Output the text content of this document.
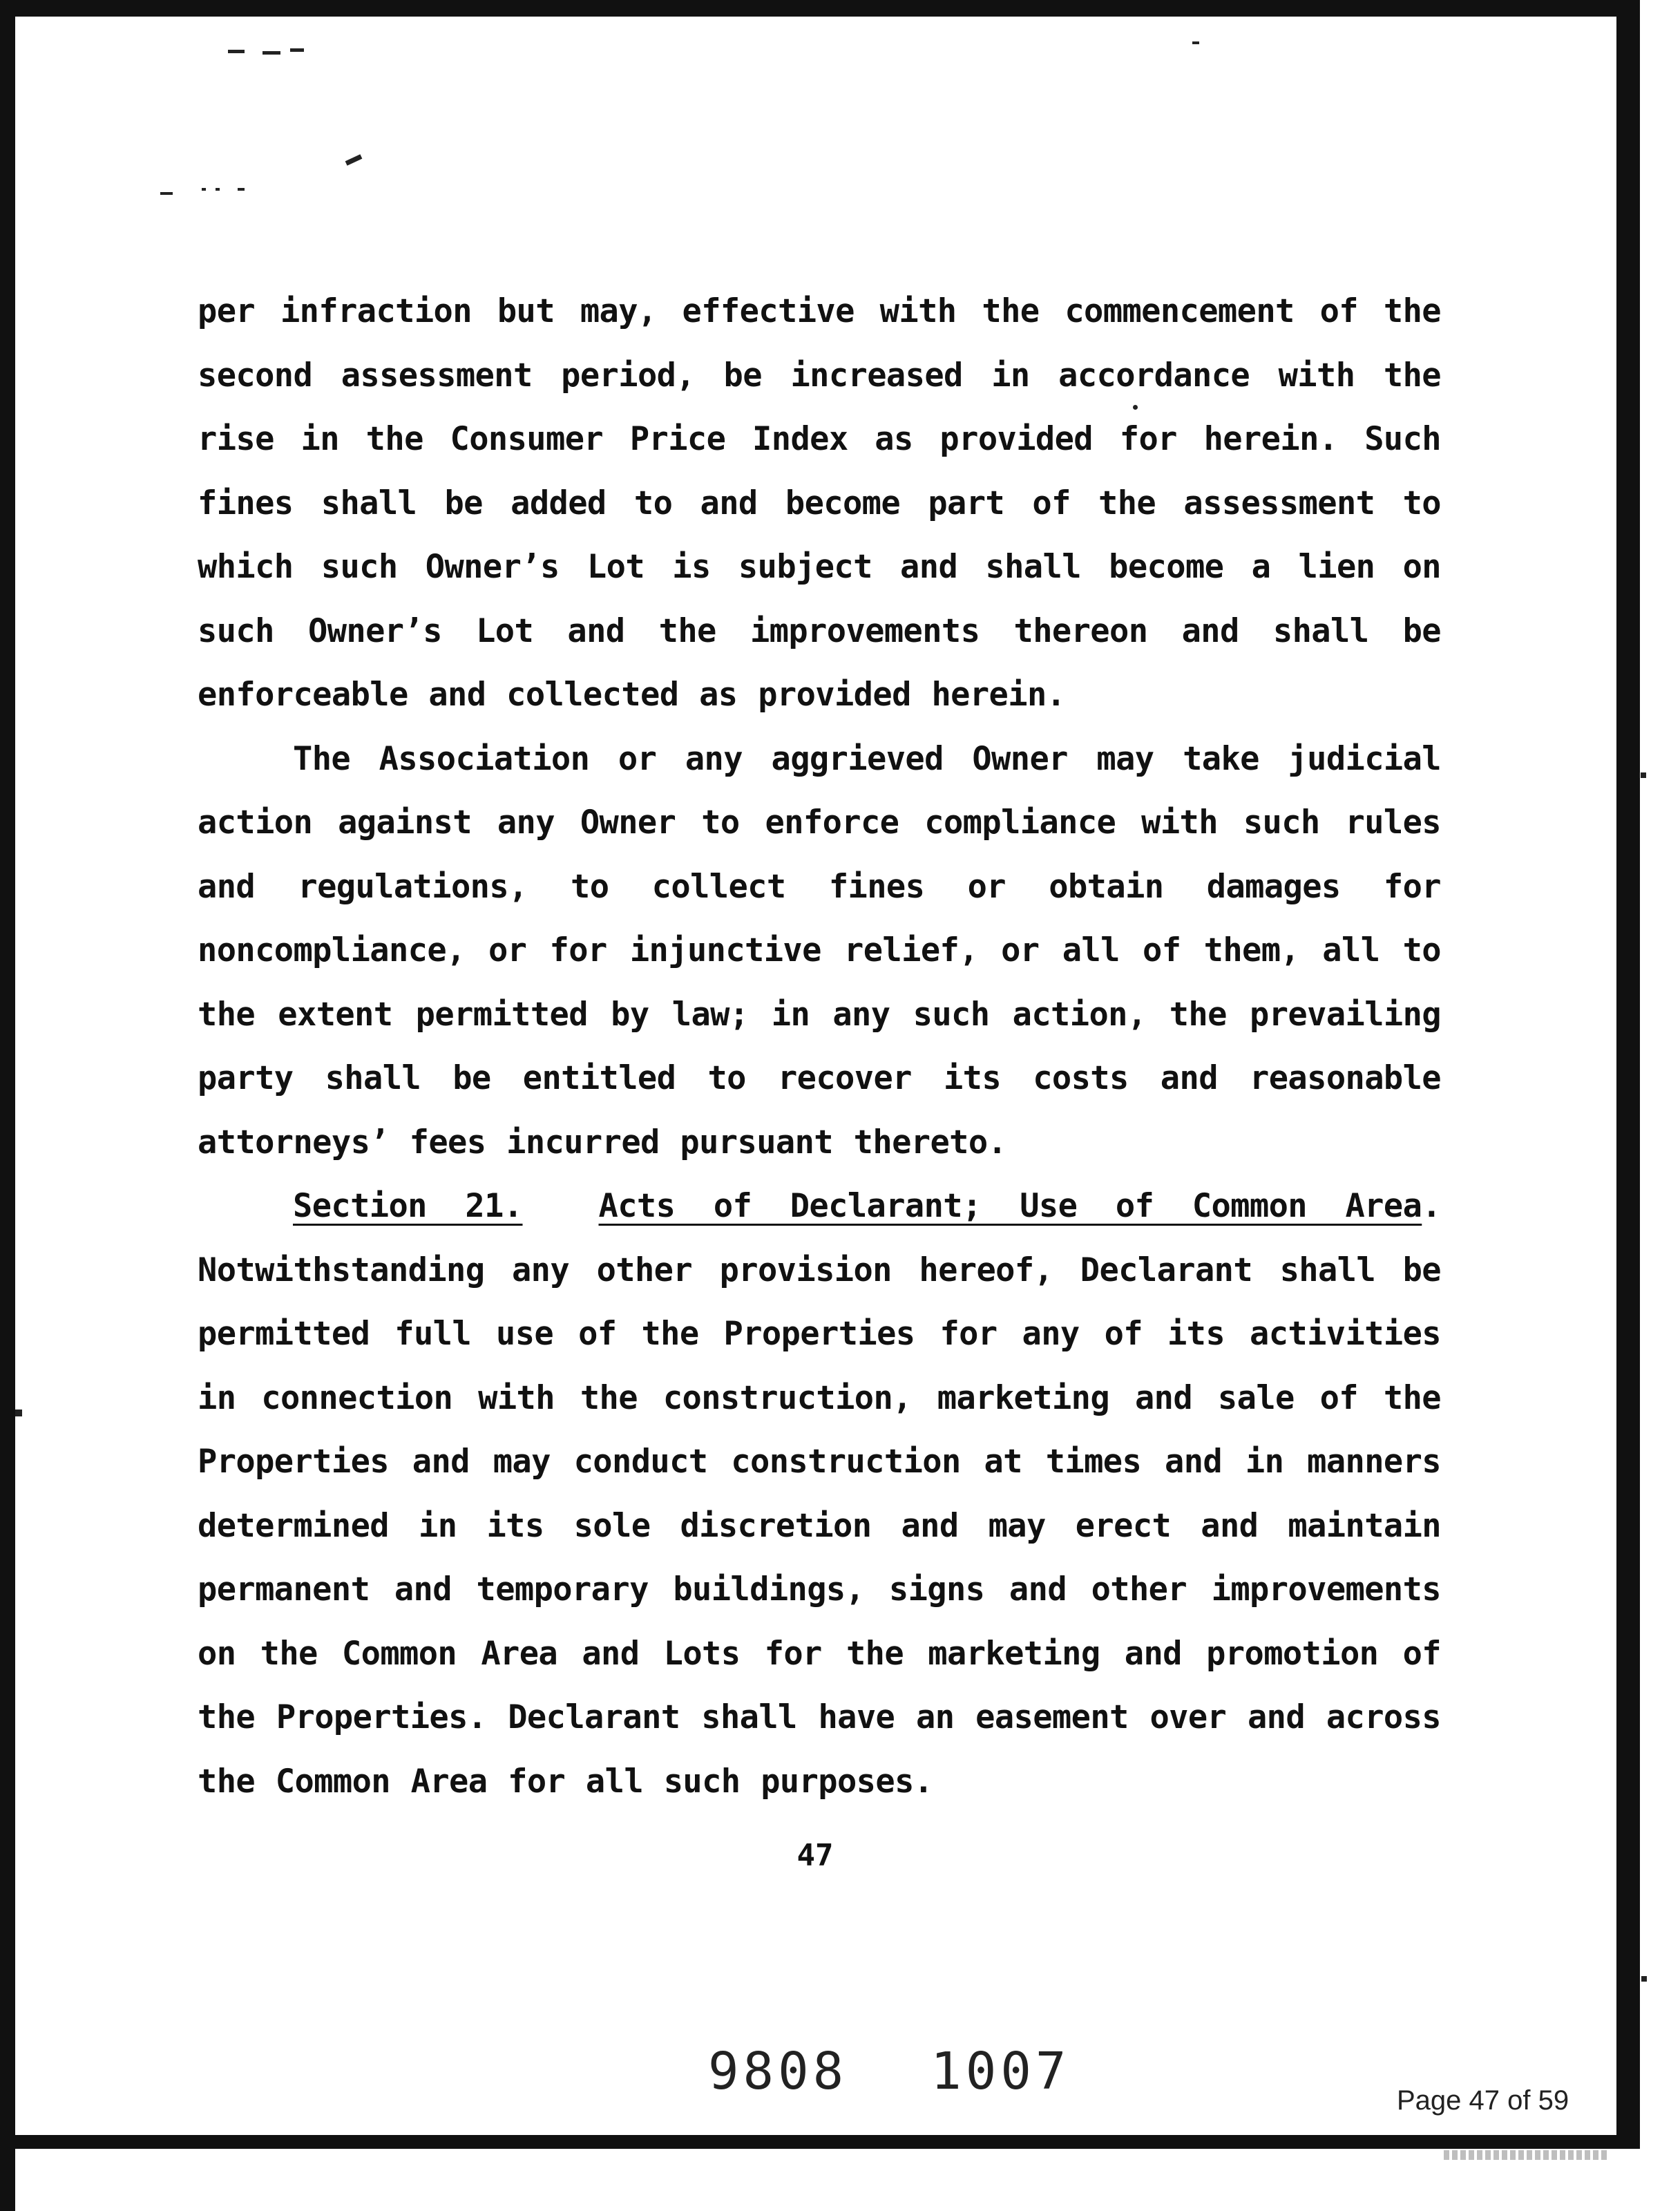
per infraction but may, effective with the commencement of the second assessment period, be increased in accordance with the rise in the Consumer Price Index as provided for herein. Such fines shall be added to and become part of the assessment to which such Owner’s Lot is subject and shall become a lien on such Owner’s Lot and the improvements thereon and shall be enforceable and collected as provided herein.

The Association or any aggrieved Owner may take judicial action against any Owner to enforce compliance with such rules and regulations, to collect fines or obtain damages for noncompliance, or for injunctive relief, or all of them, all to the extent permitted by law; in any such action, the prevailing party shall be entitled to recover its costs and reasonable attorneys’ fees incurred pursuant thereto.

Section 21. Acts of Declarant; Use of Common Area. Notwithstanding any other provision hereof, Declarant shall be permitted full use of the Properties for any of its activities in connection with the construction, marketing and sale of the Properties and may conduct construction at times and in manners determined in its sole discretion and may erect and maintain permanent and temporary buildings, signs and other improvements on the Common Area and Lots for the marketing and promotion of the Properties. Declarant shall have an easement over and across the Common Area for all such purposes.

47
9808 1007	Page 47 of 59
